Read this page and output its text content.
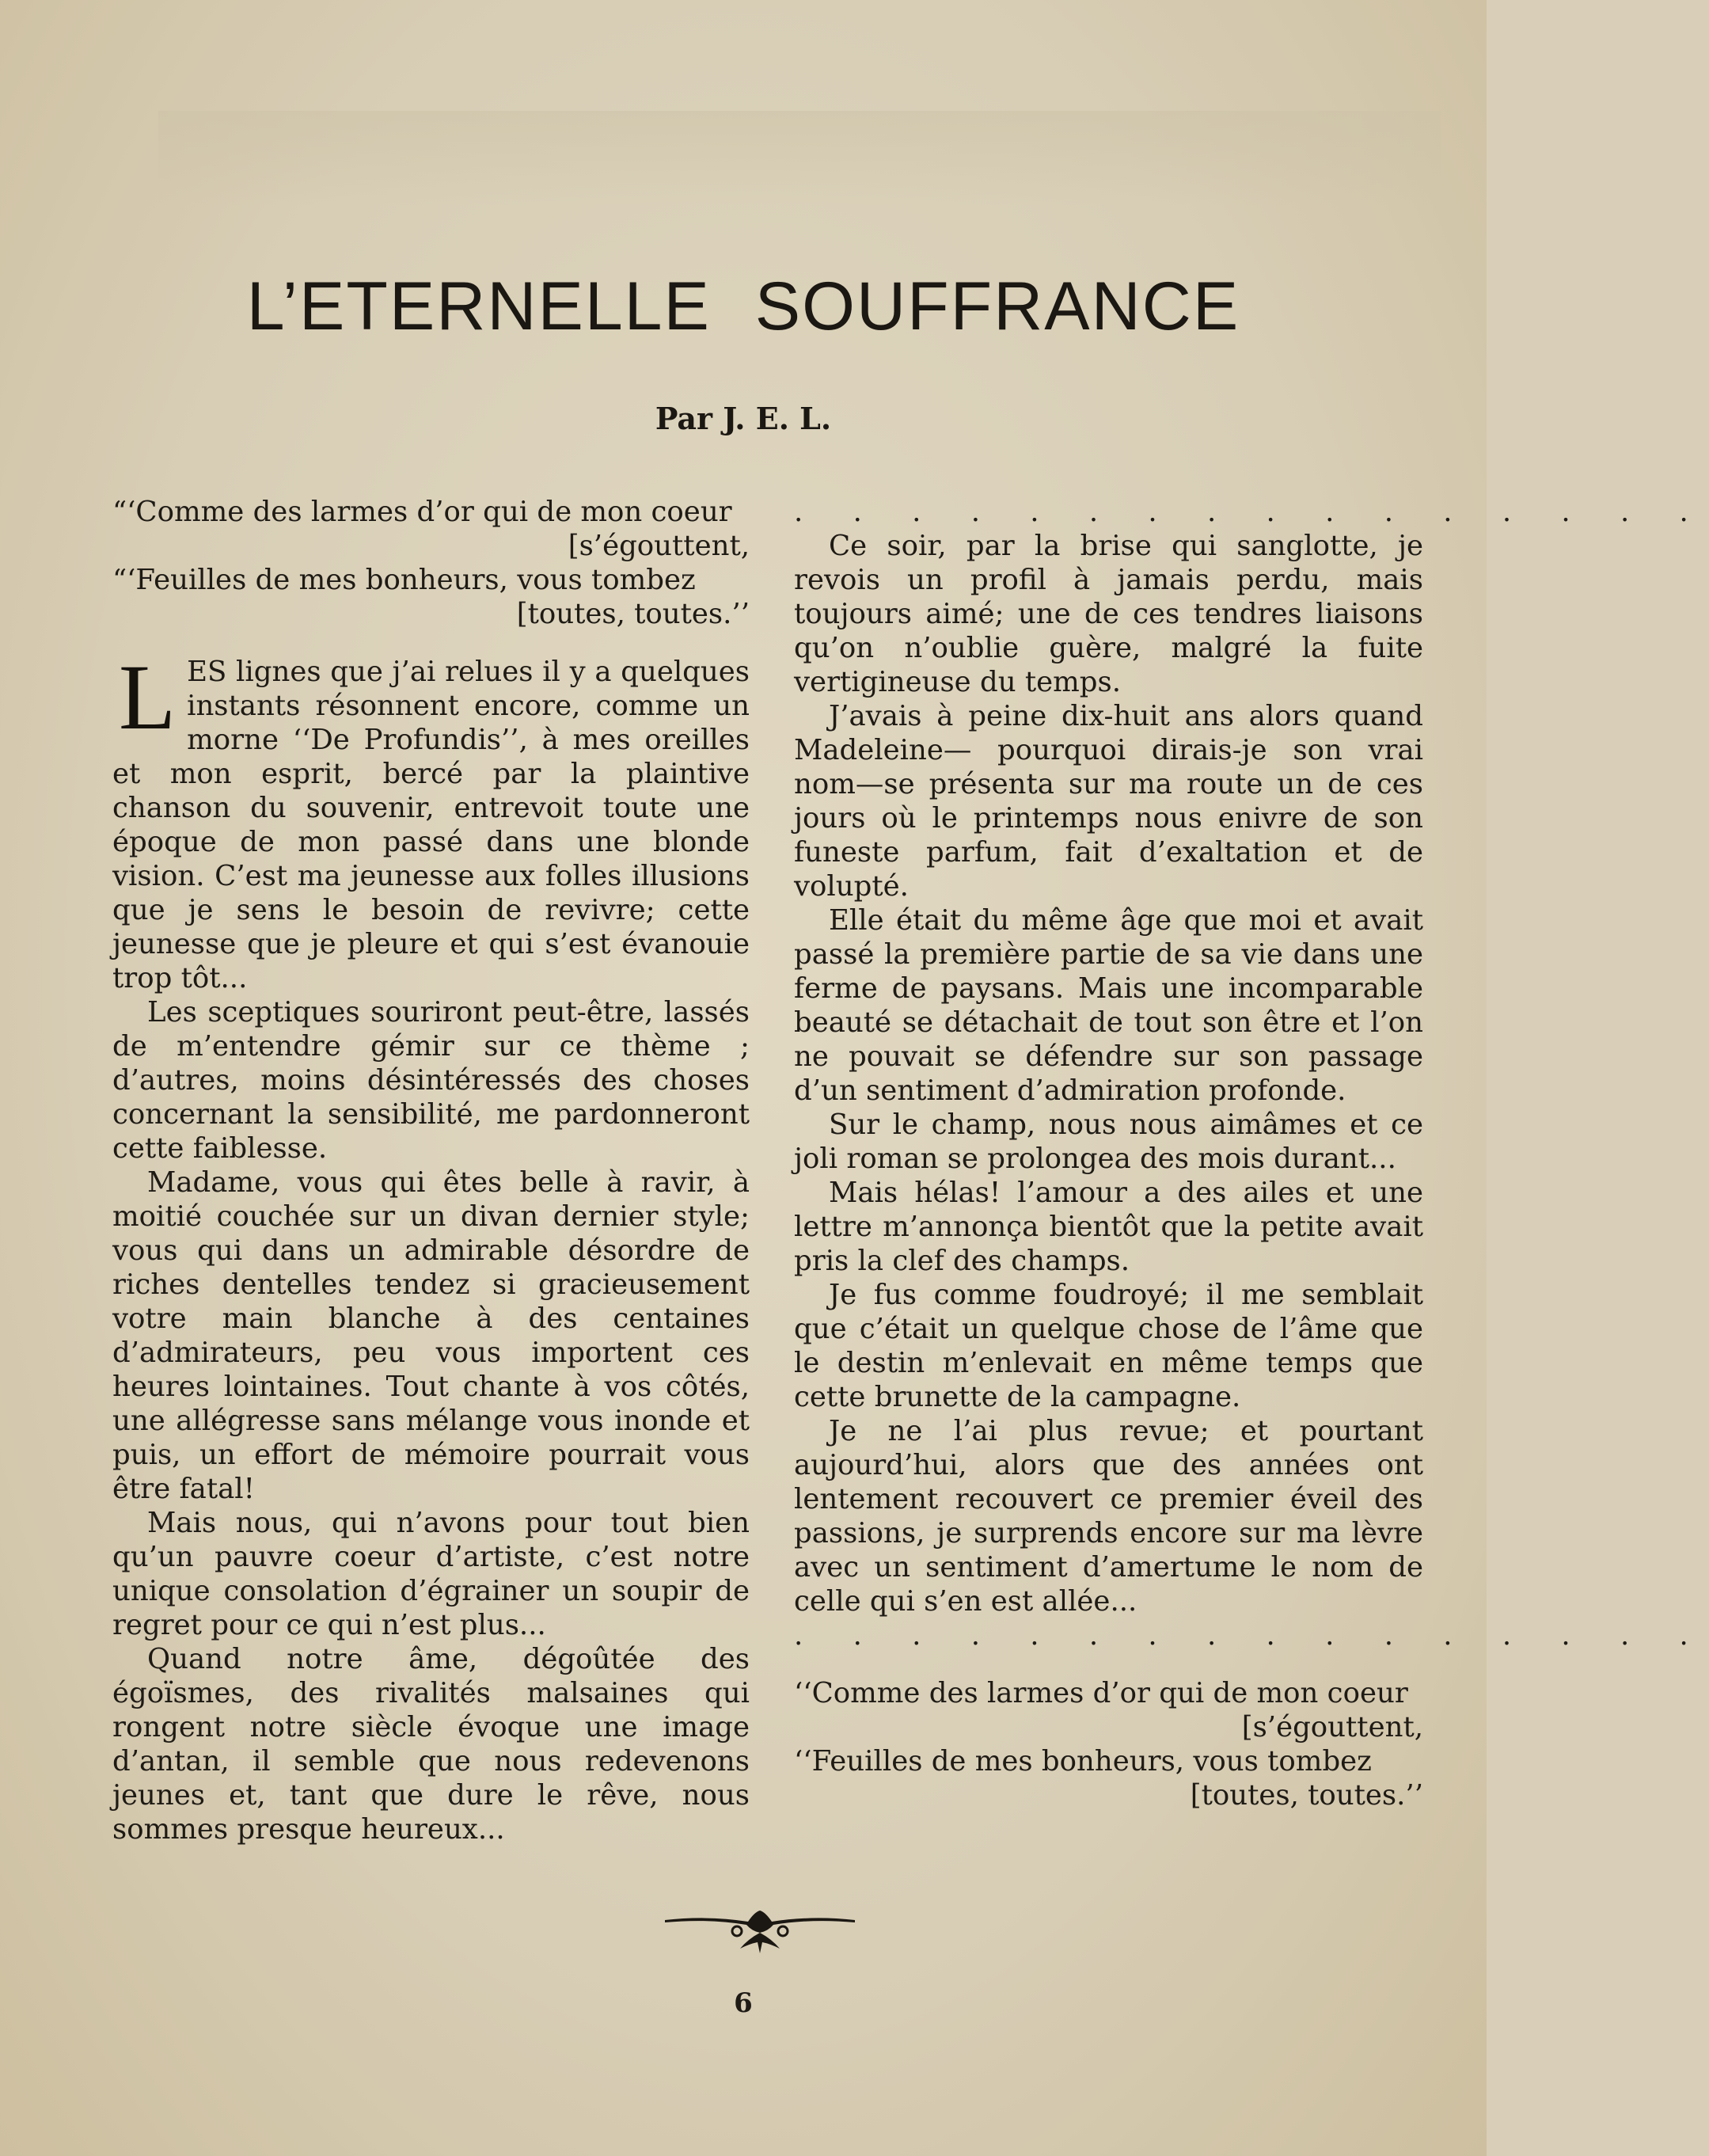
L’ETERNELLE SOUFFRANCE
Par J. E. L.
“‘Comme des larmes d’or qui de mon coeur
[s’égouttent,
“‘Feuilles de mes bonheurs, vous tombez
[toutes, toutes.’’

LES lignes que j’ai relues il y a quelques instants résonnent encore, comme un morne ‘‘De Profundis’’, à mes oreilles et mon esprit, bercé par la plaintive chanson du souvenir, entrevoit toute une époque de mon passé dans une blonde vision. C’est ma jeunesse aux folles illusions que je sens le besoin de revivre; cette jeunesse que je pleure et qui s’est évanouie trop tôt...

Les sceptiques souriront peut-être, lassés de m’entendre gémir sur ce thème ; d’autres, moins désintéressés des choses concernant la sensibilité, me pardonneront cette faiblesse.

Madame, vous qui êtes belle à ravir, à moitié couchée sur un divan dernier style; vous qui dans un admirable désordre de riches dentelles tendez si gracieusement votre main blanche à des centaines d’admirateurs, peu vous importent ces heures lointaines. Tout chante à vos côtés, une allégresse sans mélange vous inonde et puis, un effort de mémoire pourrait vous être fatal!

Mais nous, qui n’avons pour tout bien qu’un pauvre coeur d’artiste, c’est notre unique consolation d’égrainer un soupir de regret pour ce qui n’est plus...

Quand notre âme, dégoûtée des égoïsmes, des rivalités malsaines qui rongent notre siècle évoque une image d’antan, il semble que nous redevenons jeunes et, tant que dure le rêve, nous sommes presque heureux...

. . . . . . . . . . . . . . . .

Ce soir, par la brise qui sanglotte, je revois un profil à jamais perdu, mais toujours aimé; une de ces tendres liaisons qu’on n’oublie guère, malgré la fuite vertigineuse du temps.

J’avais à peine dix-huit ans alors quand Madeleine— pourquoi dirais-je son vrai nom—se présenta sur ma route un de ces jours où le printemps nous enivre de son funeste parfum, fait d’exaltation et de volupté.

Elle était du même âge que moi et avait passé la première partie de sa vie dans une ferme de paysans. Mais une incomparable beauté se détachait de tout son être et l’on ne pouvait se défendre sur son passage d’un sentiment d’admiration profonde.

Sur le champ, nous nous aimâmes et ce joli roman se prolongea des mois durant...

Mais hélas! l’amour a des ailes et une lettre m’annonça bientôt que la petite avait pris la clef des champs.

Je fus comme foudroyé; il me semblait que c’était un quelque chose de l’âme que le destin m’enlevait en même temps que cette brunette de la campagne.

Je ne l’ai plus revue; et pourtant aujourd’hui, alors que des années ont lentement recouvert ce premier éveil des passions, je surprends encore sur ma lèvre avec un sentiment d’amertume le nom de celle qui s’en est allée...

. . . . . . . . . . . . . . . .
‘‘Comme des larmes d’or qui de mon coeur
[s’égouttent,
‘‘Feuilles de mes bonheurs, vous tombez
[toutes, toutes.’’
6
